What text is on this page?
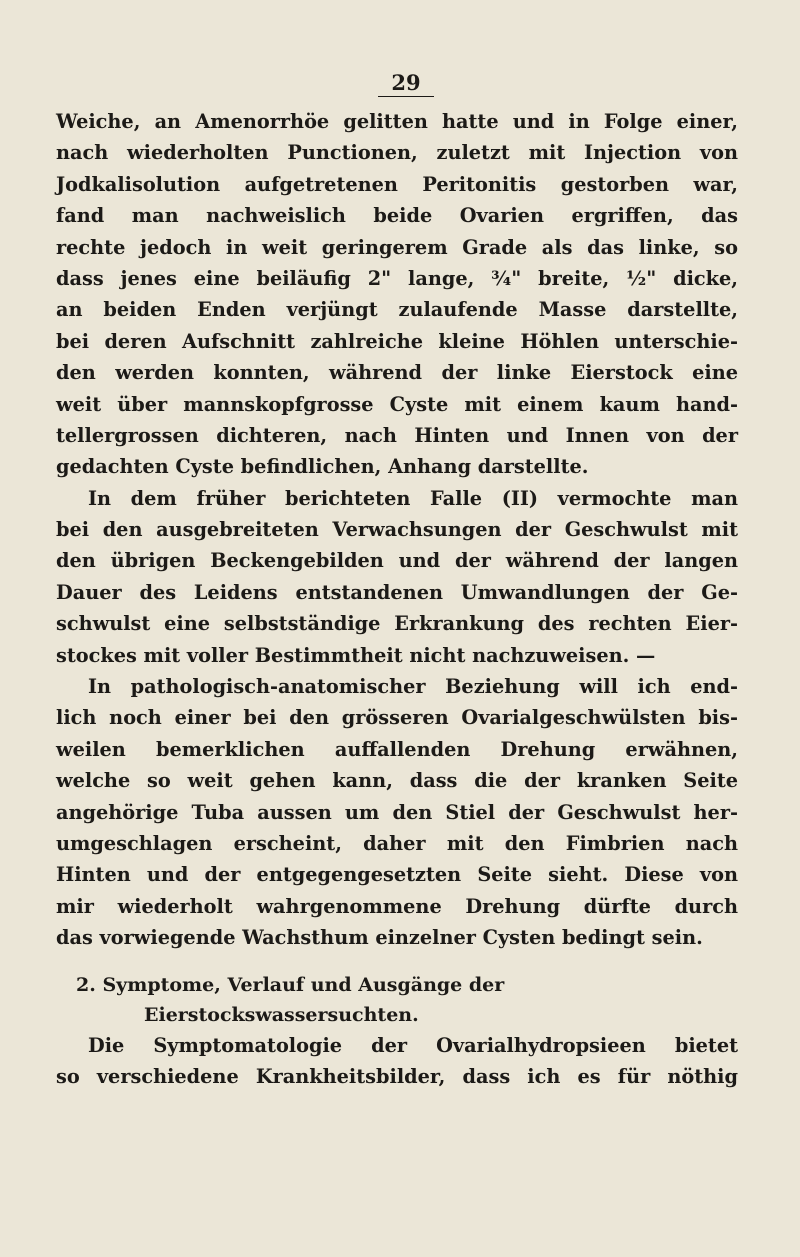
29
Weiche, an Amenorrhöe gelitten hatte und in Folge einer,
nach wiederholten Punctionen, zuletzt mit Injection von
Jodkalisolution aufgetretenen Peritonitis gestorben war,
fand man nachweislich beide Ovarien ergriffen, das
rechte jedoch in weit geringerem Grade als das linke, so
dass jenes eine beiläufig 2" lange, ¾" breite, ½" dicke,
an beiden Enden verjüngt zulaufende Masse darstellte,
bei deren Aufschnitt zahlreiche kleine Höhlen unterschie-
den werden konnten, während der linke Eierstock eine
weit über mannskopfgrosse Cyste mit einem kaum hand-
tellergrossen dichteren, nach Hinten und Innen von der
gedachten Cyste befindlichen, Anhang darstellte.
In dem früher berichteten Falle (II) vermochte man
bei den ausgebreiteten Verwachsungen der Geschwulst mit
den übrigen Beckengebilden und der während der langen
Dauer des Leidens entstandenen Umwandlungen der Ge-
schwulst eine selbstständige Erkrankung des rechten Eier-
stockes mit voller Bestimmtheit nicht nachzuweisen. —
In pathologisch-anatomischer Beziehung will ich end-
lich noch einer bei den grösseren Ovarialgeschwülsten bis-
weilen bemerklichen auffallenden Drehung erwähnen,
welche so weit gehen kann, dass die der kranken Seite
angehörige Tuba aussen um den Stiel der Geschwulst her-
umgeschlagen erscheint, daher mit den Fimbrien nach
Hinten und der entgegengesetzten Seite sieht. Diese von
mir wiederholt wahrgenommene Drehung dürfte durch
das vorwiegende Wachsthum einzelner Cysten bedingt sein.
2. Symptome, Verlauf und Ausgänge der
Eierstockswassersuchten.
Die Symptomatologie der Ovarialhydropsieen bietet
so verschiedene Krankheitsbilder, dass ich es für nöthig
